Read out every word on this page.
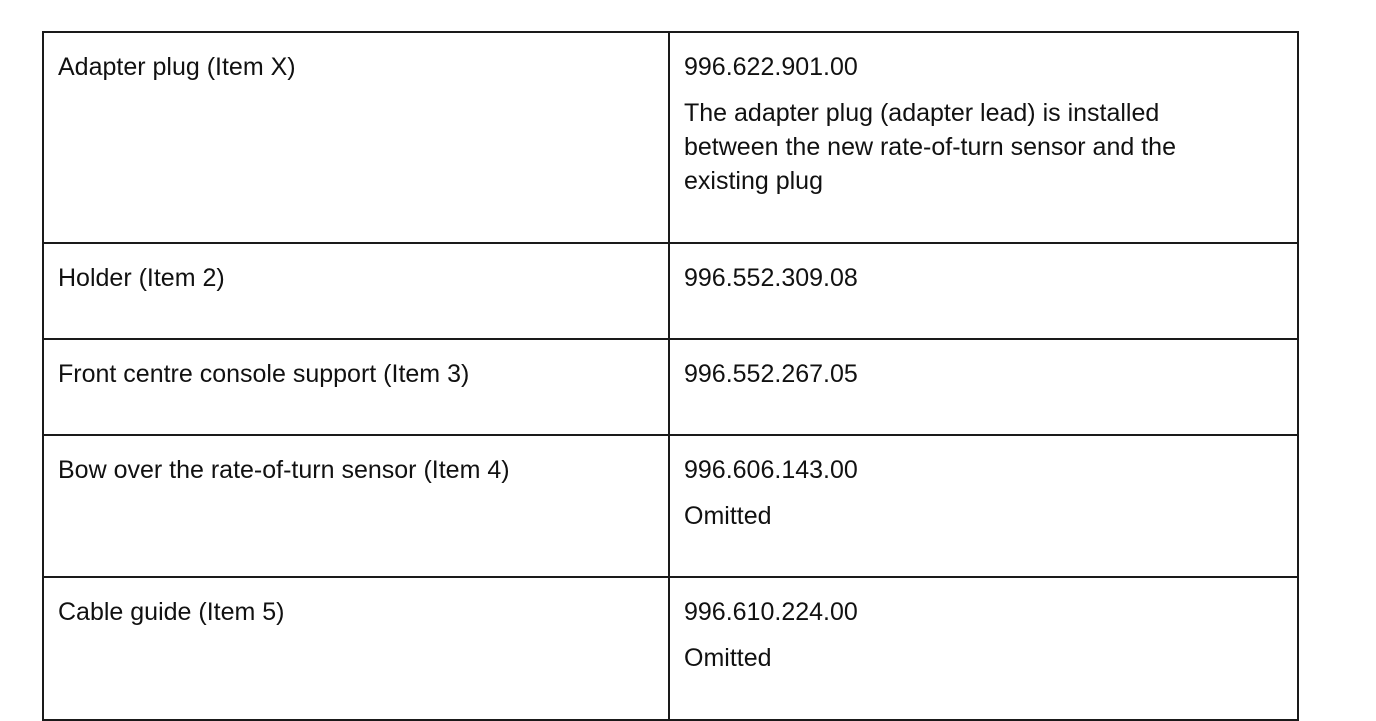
Adapter plug (Item X)	996.622.901.00

The adapter plug (adapter lead) is installed between the new rate-of-turn sensor and the existing plug

Holder (Item 2)	996.552.309.08

Front centre console support (Item 3)	996.552.267.05

Bow over the rate-of-turn sensor (Item 4)	996.606.143.00

Omitted

Cable guide (Item 5)	996.610.224.00

Omitted
